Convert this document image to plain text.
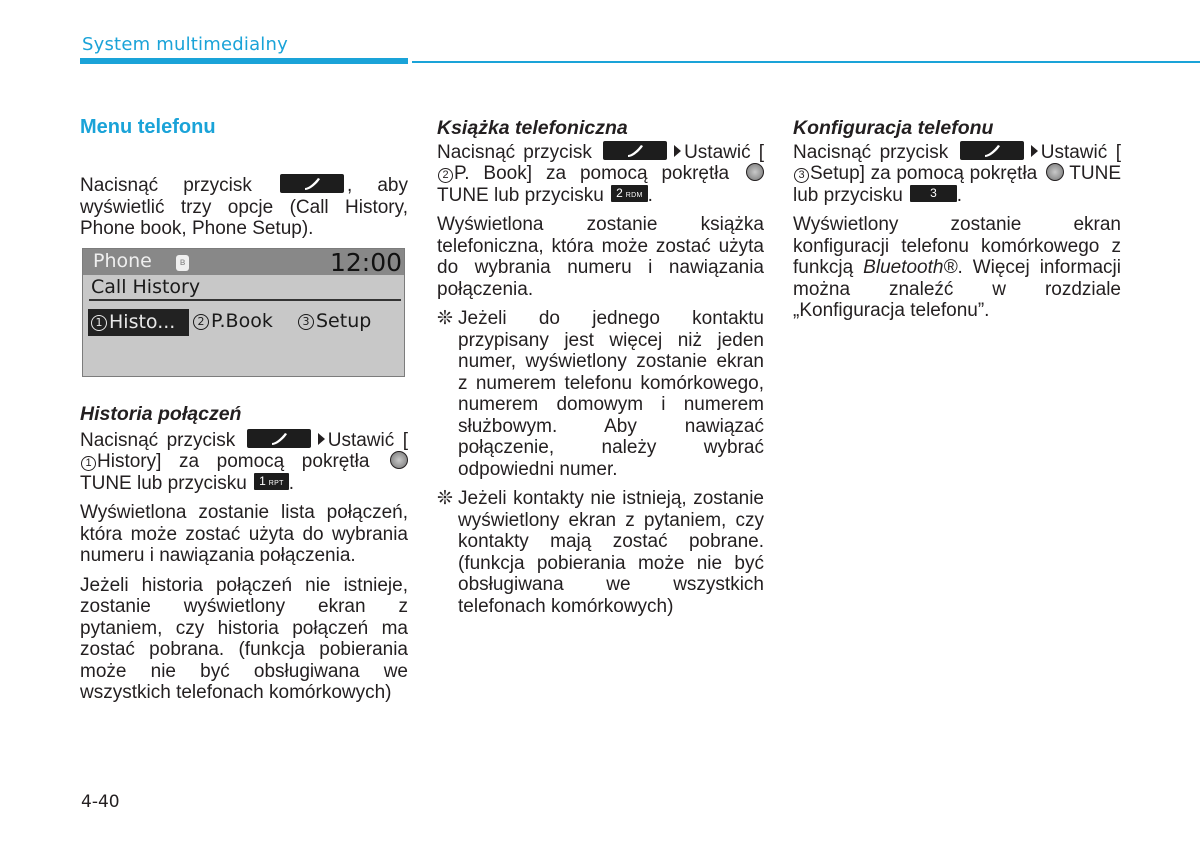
System multimedialny
Menu telefonu

Nacisnąć przycisk	, aby wyświetlić trzy opcje (Call History, Phone book, Phone Setup).

Phone	ʙ	12:00
Call History
1 Histo...	2 P.Book	3 Setup
Historia połączeń

Nacisnąć przycisk	Ustawić [1 History] za pomocą pokrętła  TUNE lub przycisku 1 RPT .

Wyświetlona zostanie lista połączeń, która może zostać użyta do wybrania numeru i nawiązania połączenia.

Jeżeli historia połączeń nie istnieje, zostanie wyświetlony ekran z pytaniem, czy historia połączeń ma zostać pobrana. (funkcja pobierania może nie być obsługiwana we wszystkich telefonach komórkowych)

Książka telefoniczna

Nacisnąć przycisk	Ustawić [2 P. Book] za pomocą pokrętła  TUNE lub przycisku 2 RDM .

Wyświetlona zostanie książka telefoniczna, która może zostać użyta do wybrania numeru i nawiązania połączenia.

❊ Jeżeli do jednego kontaktu przypisany jest więcej niż jeden numer, wyświetlony zostanie ekran z numerem telefonu komórkowego, numerem domowym i numerem służbowym. Aby nawiązać połączenie, należy wybrać odpowiedni numer.
❊ Jeżeli kontakty nie istnieją, zostanie wyświetlony ekran z pytaniem, czy kontakty mają zostać pobrane. (funkcja pobierania może nie być obsługiwana we wszystkich telefonach komórkowych)
Konfiguracja telefonu

Nacisnąć przycisk	Ustawić [3 Setup] za pomocą pokrętła TUNE lub przycisku 3 .

Wyświetlony zostanie ekran konfiguracji telefonu komórkowego z funkcją Bluetooth®. Więcej informacji można znaleźć w rozdziale „Konfiguracja telefonu”.

4-40
